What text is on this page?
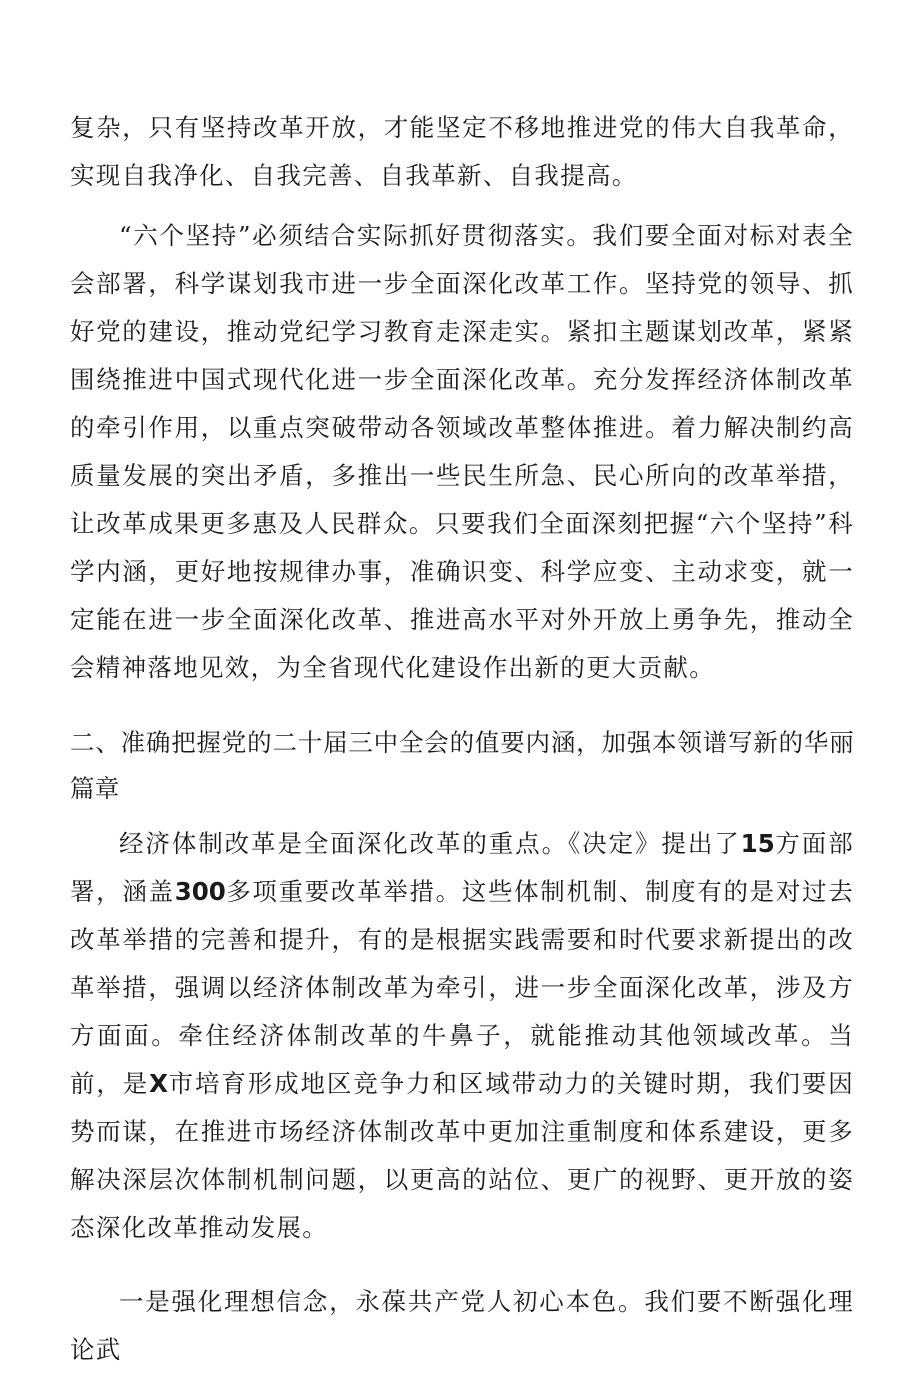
复杂，只有坚持改革开放，才能坚定不移地推进党的伟大自我革命，实现自我净化、自我完善、自我革新、自我提高。

“六个坚持”必须结合实际抓好贯彻落实。我们要全面对标对表全会部署，科学谋划我市进一步全面深化改革工作。坚持党的领导、抓好党的建设，推动党纪学习教育走深走实。紧扣主题谋划改革，紧紧围绕推进中国式现代化进一步全面深化改革。充分发挥经济体制改革的牵引作用，以重点突破带动各领域改革整体推进。着力解决制约高质量发展的突出矛盾，多推出一些民生所急、民心所向的改革举措，让改革成果更多惠及人民群众。只要我们全面深刻把握“六个坚持”科学内涵，更好地按规律办事，准确识变、科学应变、主动求变，就一定能在进一步全面深化改革、推进高水平对外开放上勇争先，推动全会精神落地见效，为全省现代化建设作出新的更大贡献。

二、准确把握党的二十届三中全会的值要内涵，加强本领谱写新的华丽篇章

经济体制改革是全面深化改革的重点。《决定》提出了15方面部署，涵盖300多项重要改革举措。这些体制机制、制度有的是对过去改革举措的完善和提升，有的是根据实践需要和时代要求新提出的改革举措，强调以经济体制改革为牵引，进一步全面深化改革，涉及方方面面。牵住经济体制改革的牛鼻子，就能推动其他领域改革。当前，是X市培育形成地区竞争力和区域带动力的关键时期，我们要因势而谋，在推进市场经济体制改革中更加注重制度和体系建设，更多解决深层次体制机制问题，以更高的站位、更广的视野、更开放的姿态深化改革推动发展。

一是强化理想信念，永葆共产党人初心本色。我们要不断强化理论武
